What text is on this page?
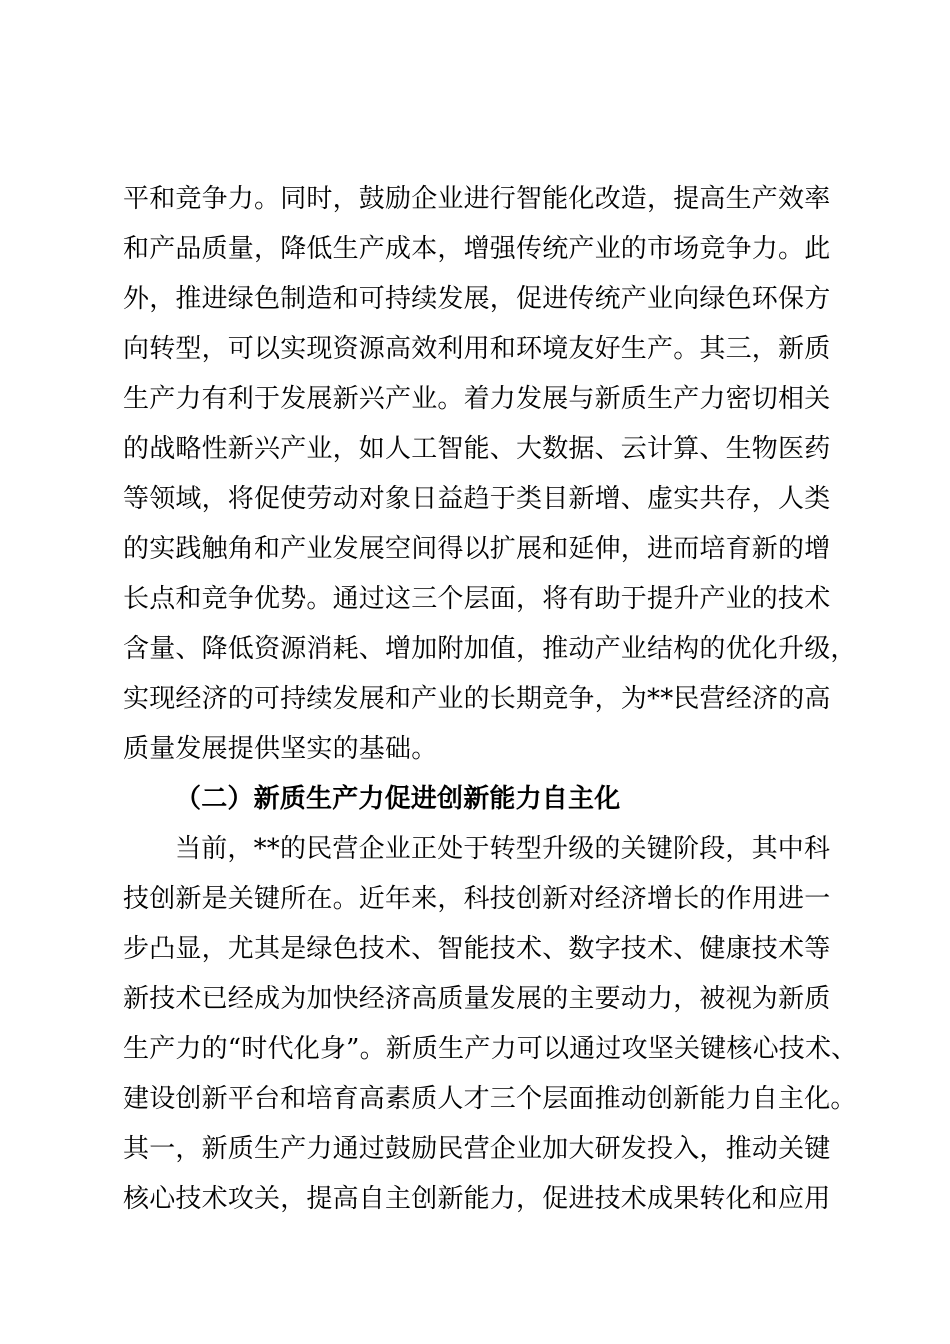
平和竞争力。同时，鼓励企业进行智能化改造，提高生产效率
和产品质量，降低生产成本，增强传统产业的市场竞争力。此
外，推进绿色制造和可持续发展，促进传统产业向绿色环保方
向转型，可以实现资源高效利用和环境友好生产。其三，新质
生产力有利于发展新兴产业。着力发展与新质生产力密切相关
的战略性新兴产业，如人工智能、大数据、云计算、生物医药
等领域，将促使劳动对象日益趋于类目新增、虚实共存，人类
的实践触角和产业发展空间得以扩展和延伸，进而培育新的增
长点和竞争优势。通过这三个层面，将有助于提升产业的技术
含量、降低资源消耗、增加附加值，推动产业结构的优化升级，
实现经济的可持续发展和产业的长期竞争，为**民营经济的高
质量发展提供坚实的基础。
（二）新质生产力促进创新能力自主化
当前，**的民营企业正处于转型升级的关键阶段，其中科
技创新是关键所在。近年来，科技创新对经济增长的作用进一
步凸显，尤其是绿色技术、智能技术、数字技术、健康技术等
新技术已经成为加快经济高质量发展的主要动力，被视为新质
生产力的“时代化身”。新质生产力可以通过攻坚关键核心技术、
建设创新平台和培育高素质人才三个层面推动创新能力自主化。
其一，新质生产力通过鼓励民营企业加大研发投入，推动关键
核心技术攻关，提高自主创新能力，促进技术成果转化和应用
